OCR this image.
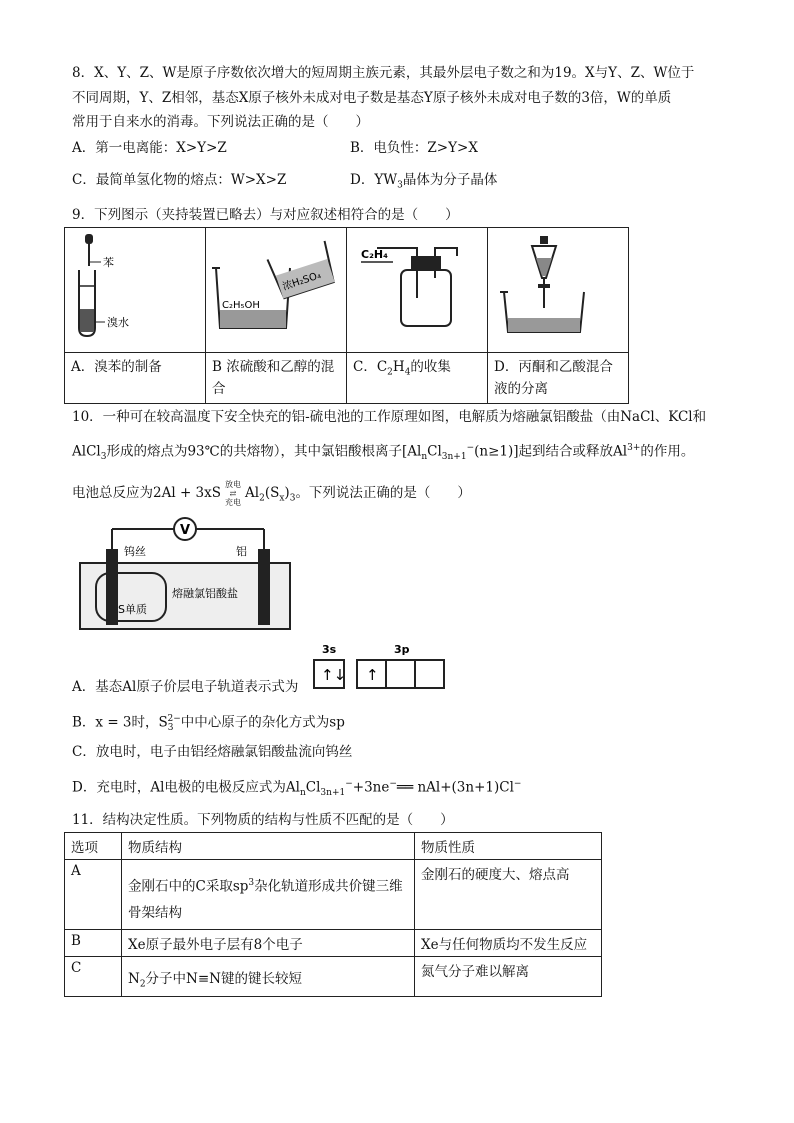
8．X、Y、Z、W是原子序数依次增大的短周期主族元素，其最外层电子数之和为19。X与Y、Z、W位于
不同周期，Y、Z相邻，基态X原子核外未成对电子数是基态Y原子核外未成对电子数的3倍，W的单质
常用于自来水的消毒。下列说法正确的是（　　）
A．第一电离能：X>Y>Z	B．电负性：Z>Y>X
C．最简单氢化物的熔点：W>X>Z	D．$YW_3$晶体为分子晶体
9．下列图示（夹持装置已略去）与对应叙述相符合的是（　　）
苯
溴水	C₂H₅OH
浓H₂SO₄	C₂H₄

A．溴苯的制备	B 浓硫酸和乙醇的混合	C．$C_2H_4$的收集	D．丙酮和乙酸混合液的分离
10．一种可在较高温度下安全快充的铝-硫电池的工作原理如图，电解质为熔融氯铝酸盐（由NaCl、KCl和
AlCl$_3$形成的熔点为93℃的共熔物），其中氯铝酸根离子$[Al_nCl_{3n+1}^-(n\ge 1)]$起到结合或释放$Al^{3+}$的作用。
电池总反应为2Al + 3xS放电
⇄
充电$Al_2(S_x)_3$。下列说法正确的是（　　）
V
钨丝	铝
S单质
熔融氯铝酸盐
A．基态Al原子价层电子轨道表示式为
3s	3p
↑↓ ↑
B．x = 3时，$S_3^{2-}$中中心原子的杂化方式为sp
C．放电时，电子由铝经熔融氯铝酸盐流向钨丝
D．充电时，Al电极的电极反应式为$Al_nCl_{3n+1}^-+3ne^-══$ nAl+(3n+1)Cl−
11．结构决定性质。下列物质的结构与性质不匹配的是（　　）
选项	物质结构	物质性质
A	金刚石中的C采取$sp^3$杂化轨道形成共价键三维骨架结构	金刚石的硬度大、熔点高
B	Xe原子最外电子层有8个电子	Xe与任何物质均不发生反应
C	$N_2$分子中N≡N键的键长较短	氮气分子难以解离
